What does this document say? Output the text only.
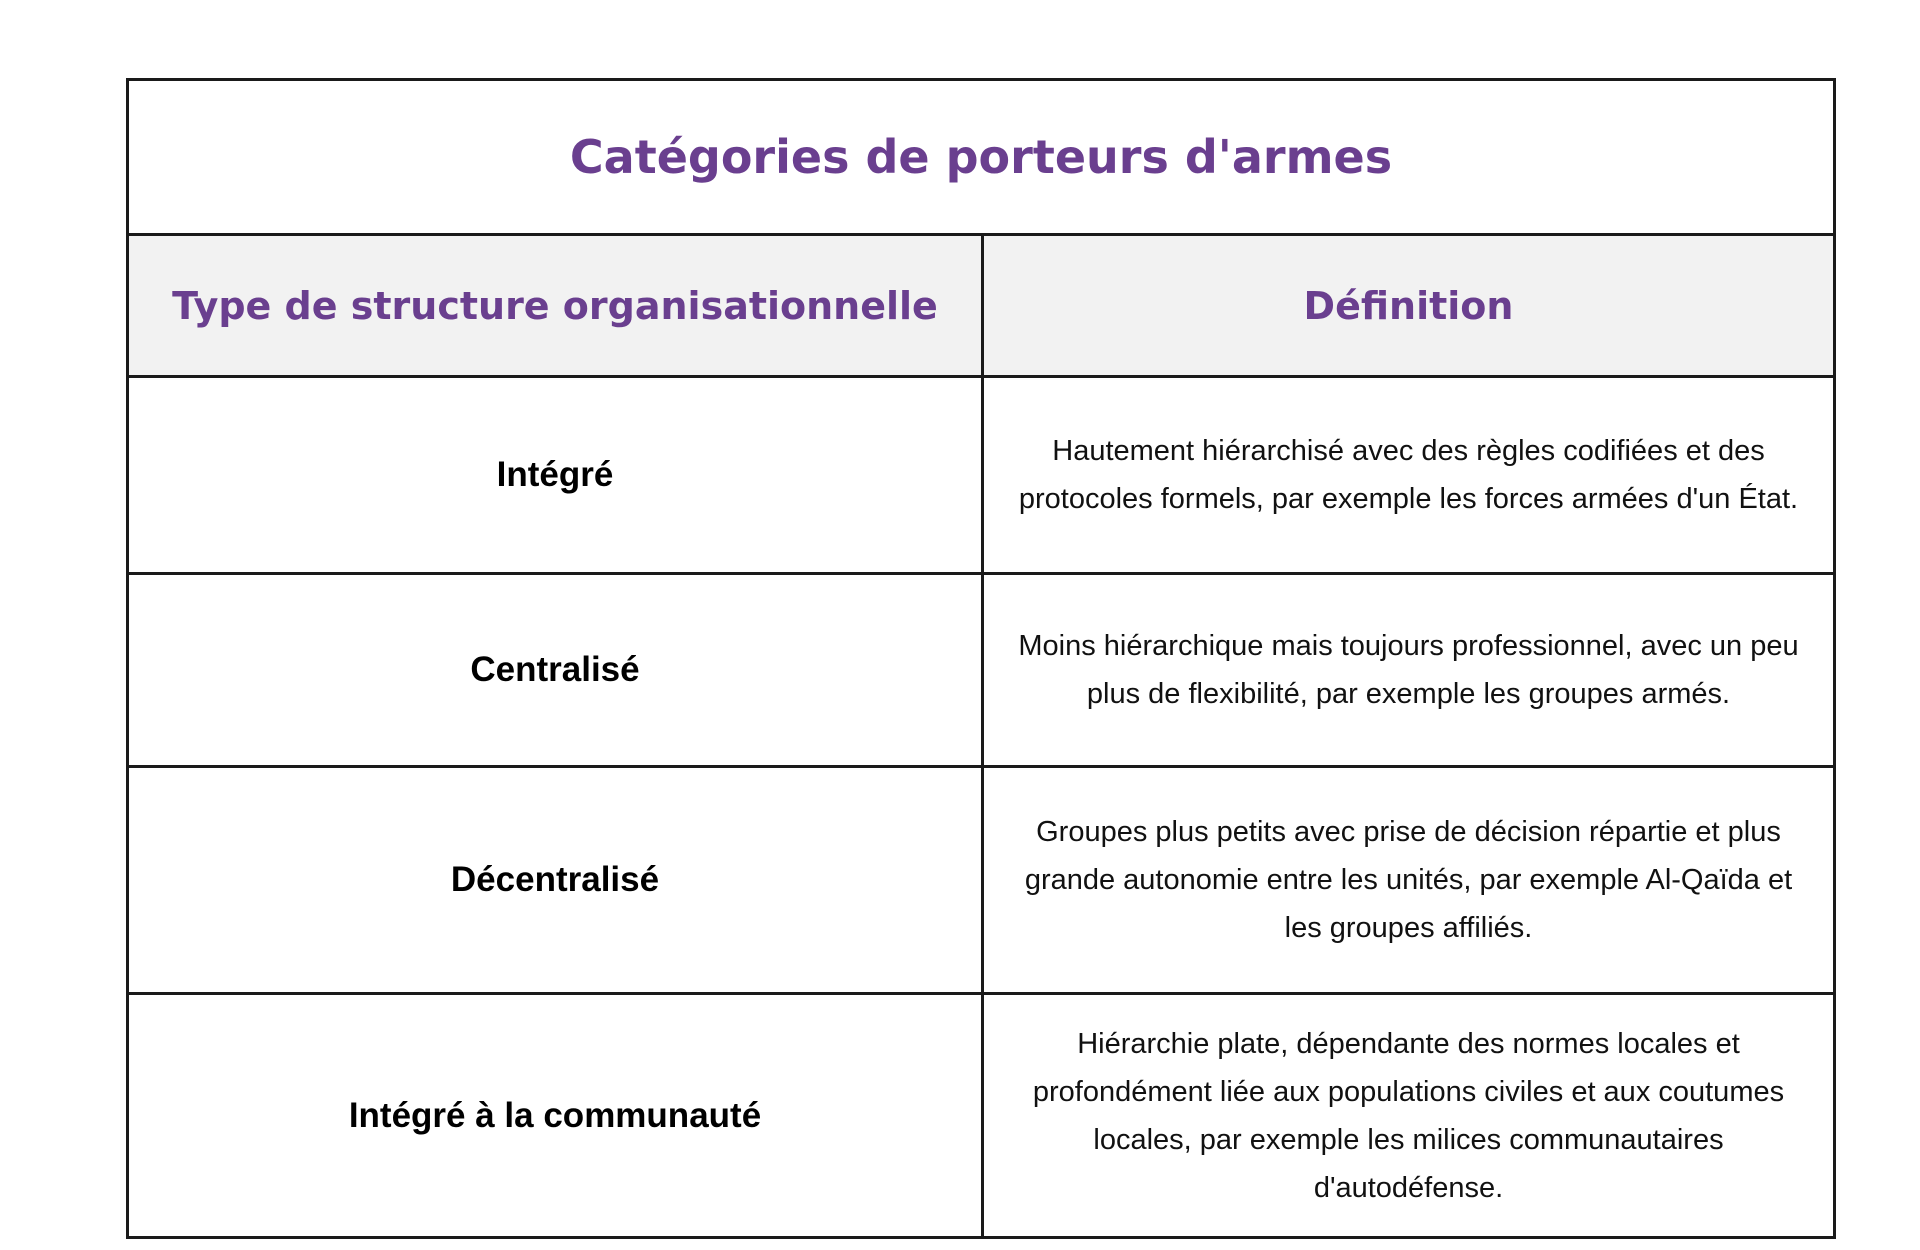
Catégories de porteurs d'armes
Type de structure organisationnelle	Définition
Intégré
Hautement hiérarchisé avec des règles codifiées et des protocoles formels, par exemple les forces armées d'un État.
Centralisé
Moins hiérarchique mais toujours professionnel, avec un peu plus de flexibilité, par exemple les groupes armés.
Décentralisé
Groupes plus petits avec prise de décision répartie et plus grande autonomie entre les unités, par exemple Al-Qaïda et les groupes affiliés.
Intégré à la communauté
Hiérarchie plate, dépendante des normes locales et profondément liée aux populations civiles et aux coutumes locales, par exemple les milices communautaires d'autodéfense.
